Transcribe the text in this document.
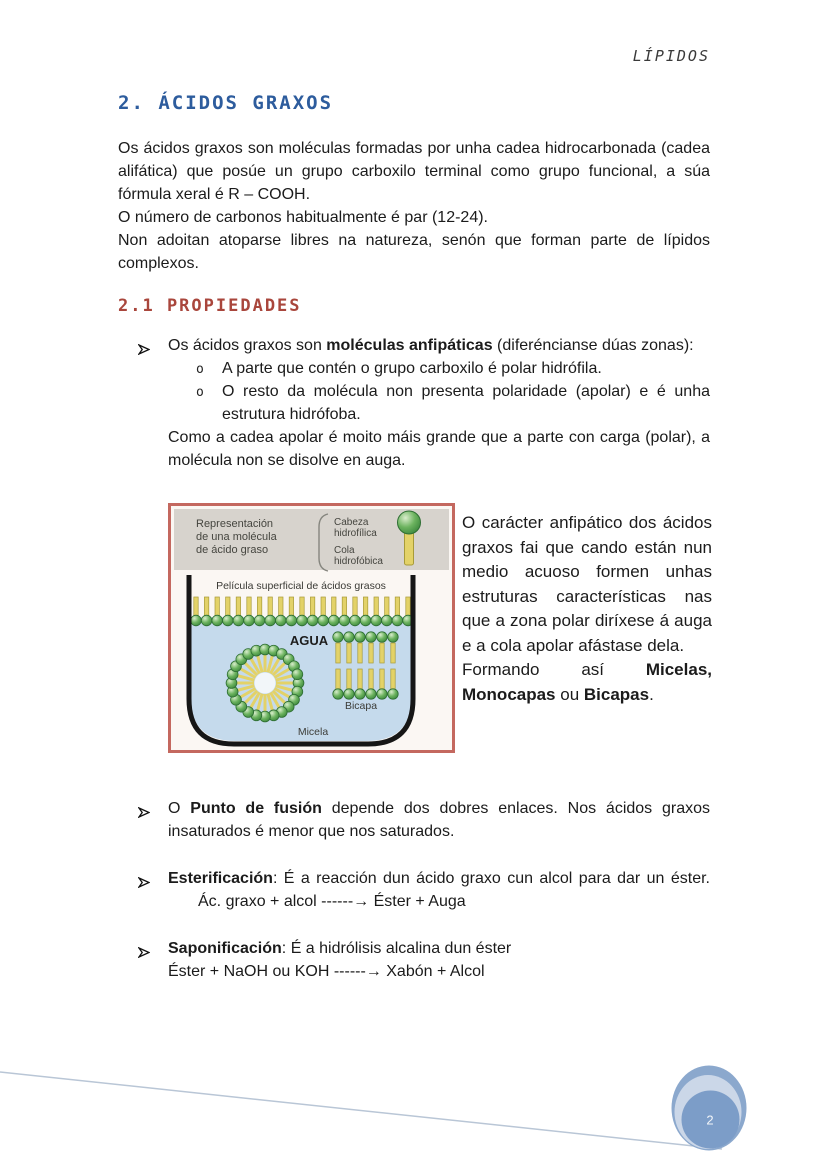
LÍPIDOS
2. ÁCIDOS GRAXOS

Os ácidos graxos son moléculas formadas por unha cadea hidrocarbonada (cadea alifática) que posúe un grupo carboxilo terminal como grupo funcional, a súa fórmula xeral é R – COOH.

O número de carbonos habitualmente é par (12-24).

Non adoitan atoparse libres na natureza, senón que forman parte de lípidos complexos.

2.1 PROPIEDADES
Os ácidos graxos son moléculas anfipáticas (diferéncianse dúas zonas):
o A parte que contén o grupo carboxilo é polar hidrófila.
o O resto da molécula non presenta polaridade (apolar) e é unha estrutura hidrófoba.
Como a cadea apolar é moito máis grande que a parte con carga (polar), a molécula non se disolve en auga.
Representación
de una molécula
de ácido graso
Cabeza
hidrofílica
Cola
hidrofóbica
Película superficial de ácidos grasos
AGUA
Bicapa
Micela

O carácter anfipático dos ácidos graxos fai que cando están nun medio acuoso formen unhas estruturas características nas que a zona polar diríxese á auga e a cola apolar afástase dela.

Formando así Micelas, Monocapas ou Bicapas.

O Punto de fusión depende dos dobres enlaces. Nos ácidos graxos insaturados é menor que nos saturados.
Esterificación: É a reacción dun ácido graxo cun alcol para dar un éster.Ác. graxo + alcol ------→ Éster + Auga
Saponificación: É a hidrólisis alcalina dun éster
Éster + NaOH ou KOH ------→ Xabón + Alcol
2
